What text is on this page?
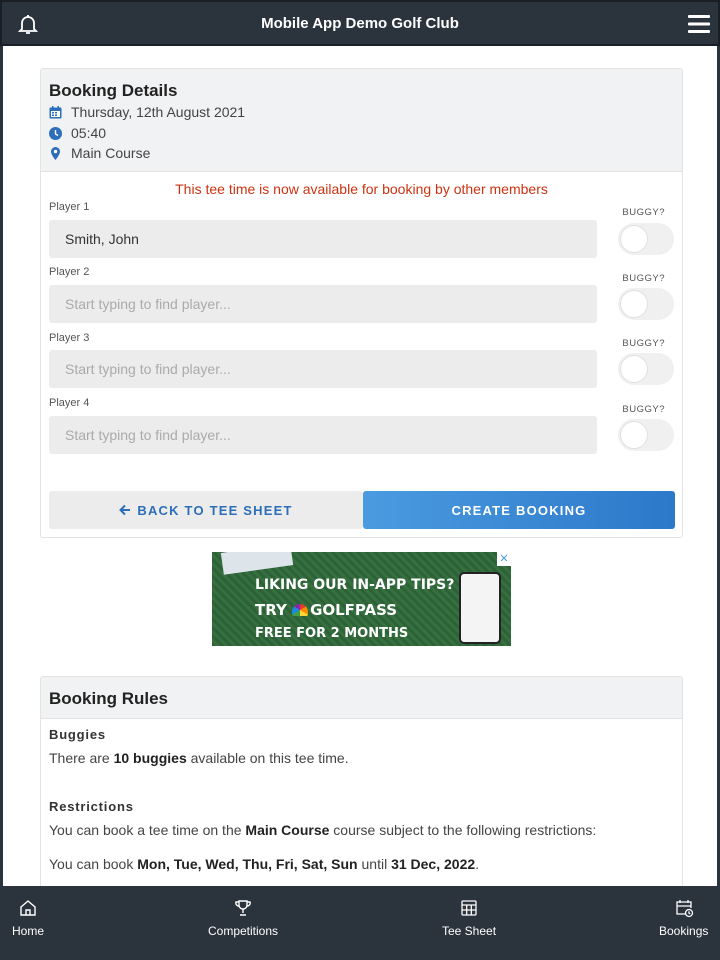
Mobile App Demo Golf Club
Booking Details
Thursday, 12th August 2021
05:40
Main Course
This tee time is now available for booking by other members
Player 1	BUGGY?
Smith, John
Player 2
BUGGY?
Start typing to find player...
Player 3	BUGGY?
Start typing to find player...
Player 4
BUGGY?
Start typing to find player...
BACK TO TEE SHEET	CREATE BOOKING
LIKING OUR IN-APP TIPS?
TRY GOLFPASS
FREE FOR 2 MONTHS
✕
Booking Rules
Buggies
There are 10 buggies available on this tee time.
Restrictions
You can book a tee time on the Main Course course subject to the following restrictions:
You can book Mon, Tue, Wed, Thu, Fri, Sat, Sun until 31 Dec, 2022.
Home	Competitions	Tee Sheet	Bookings
